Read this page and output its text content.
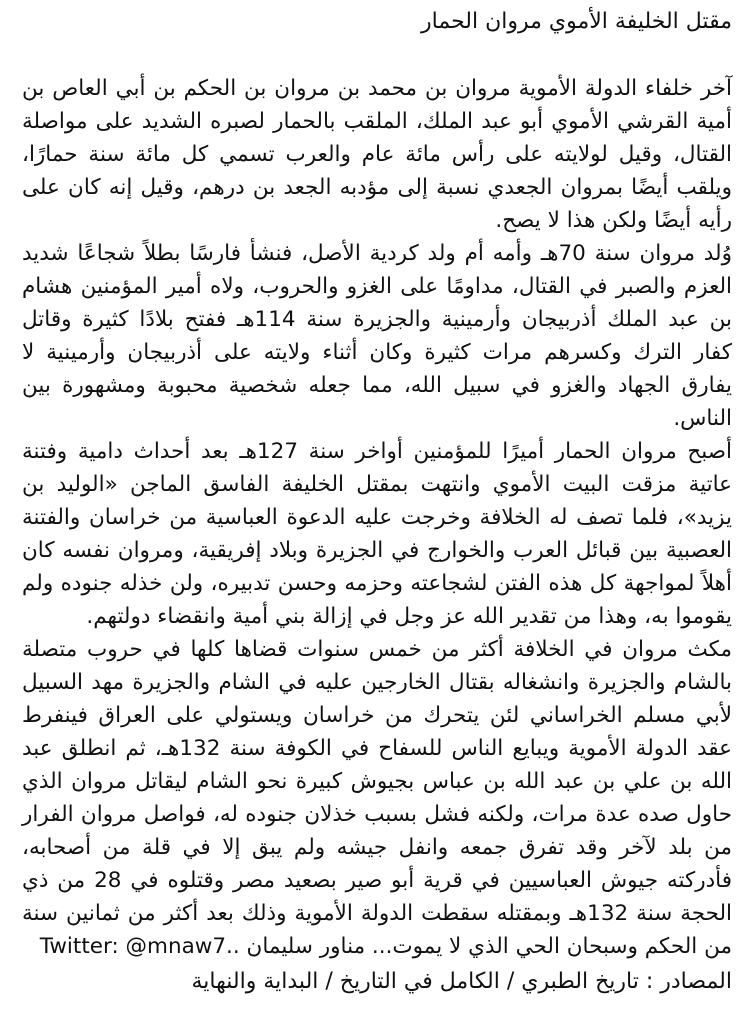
مقتل الخليفة الأموي مروان الحمار

آخر خلفاء الدولة الأموية مروان بن محمد بن مروان بن الحكم بن أبي العاص بن أمية القرشي الأموي أبو عبد الملك، الملقب بالحمار لصبره الشديد على مواصلة القتال، وقيل لولايته على رأس مائة عام والعرب تسمي كل مائة سنة حمارًا، ويلقب أيضًا بمروان الجعدي نسبة إلى مؤدبه الجعد بن درهم، وقيل إنه كان على رأيه أيضًا ولكن هذا لا يصح.

وُلد مروان سنة 70هـ وأمه أم ولد كردية الأصل، فنشأ فارسًا بطلاً شجاعًا شديد العزم والصبر في القتال، مداومًا على الغزو والحروب، ولاه أمير المؤمنين هشام بن عبد الملك أذربيجان وأرمينية والجزيرة سنة 114هـ ففتح بلادًا كثيرة وقاتل كفار الترك وكسرهم مرات كثيرة وكان أثناء ولايته على أذربيجان وأرمينية لا يفارق الجهاد والغزو في سبيل الله، مما جعله شخصية محبوبة ومشهورة بين الناس.

أصبح مروان الحمار أميرًا للمؤمنين أواخر سنة 127هـ بعد أحداث دامية وفتنة عاتية مزقت البيت الأموي وانتهت بمقتل الخليفة الفاسق الماجن «الوليد بن يزيد»، فلما تصف له الخلافة وخرجت عليه الدعوة العباسية من خراسان والفتنة العصبية بين قبائل العرب والخوارج في الجزيرة وبلاد إفريقية، ومروان نفسه كان أهلاً لمواجهة كل هذه الفتن لشجاعته وحزمه وحسن تدبيره، ولن خذله جنوده ولم يقوموا به، وهذا من تقدير الله عز وجل في إزالة بني أمية وانقضاء دولتهم.

مكث مروان في الخلافة أكثر من خمس سنوات قضاها كلها في حروب متصلة بالشام والجزيرة وانشغاله بقتال الخارجين عليه في الشام والجزيرة مهد السبيل لأبي مسلم الخراساني لئن يتحرك من خراسان ويستولي على العراق فينفرط عقد الدولة الأموية ويبايع الناس للسفاح في الكوفة سنة 132هـ، ثم انطلق عبد الله بن علي بن عبد الله بن عباس بجيوش كبيرة نحو الشام ليقاتل مروان الذي حاول صده عدة مرات، ولكنه فشل بسبب خذلان جنوده له، فواصل مروان الفرار من بلد لآخر وقد تفرق جمعه وانفل جيشه ولم يبق إلا في قلة من أصحابه، فأدركته جيوش العباسيين في قرية أبو صير بصعيد مصر وقتلوه في 28 من ذي الحجة سنة 132هـ وبمقتله سقطت الدولة الأموية وذلك بعد أكثر من ثمانين سنة من الحكم وسبحان الحي الذي لا يموت... مناور سليمان ..Twitter: @mnaw7

المصادر : تاريخ الطبري / الكامل في التاريخ / البداية والنهاية
